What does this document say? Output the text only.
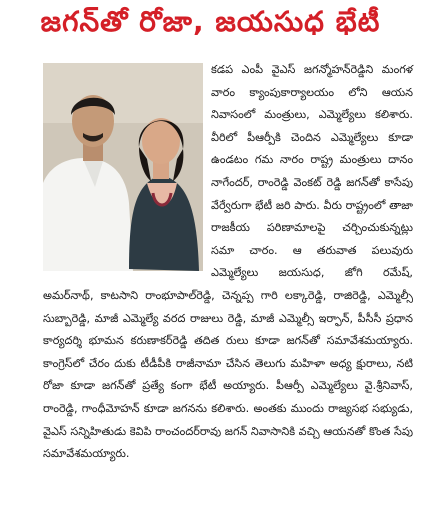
జగన్‌తో రోజా, జయసుధ భేటీ

కడప ఎంపీ వైఎస్ జగన్మోహన్‌రెడ్డిని మంగళ వారం క్యాంపుకార్యాలయం లోని ఆయన నివాసంలో మంత్రులు, ఎమ్మెల్యేలు కలిశారు. వీరిలో పీఆర్పీకి చెందిన ఎమ్మెల్యేలు కూడా ఉండటం గమ నారం రాష్ట్ర మంత్రులు దానం నాగేందర్, రాంరెడ్డి వెంకట్ రెడ్డి జగన్‌తో కాసేపు వేర్వేరుగా భేటీ జరి పారు. వీరు రాష్ట్రంలో తాజా రాజకీయ పరిణామాలపై చర్చించుకున్నట్లు సమా చారం. ఆ తరువాత పలువురు ఎమ్మెల్యేలు జయసుధ, జోగి రమేష్, అమర్‌నాథ్, కాటసాని రాంభూపాల్‌రెడ్డి, చెన్నప్ప గారి లక్కారెడ్డి, రాజిరెడ్డి, ఎమ్మెల్సీ సుబ్బారెడ్డి, మాజీ ఎమ్మెల్యే వరద రాజులు రెడ్డి, మాజీ ఎమ్మెల్సీ ఇర్ఫాన్, పీసీసీ ప్రధాన కార్యదర్శి భూమన కరుణాకర్‌రెడ్డి తదిత రులు కూడా జగన్‌తో సమావేశమయ్యారు. కాంగ్రెస్‌లో చేరం దుకు టీడీపీకి రాజీనామా చేసిన తెలుగు మహిళా అధ్య క్షురాలు, నటి రోజా కూడా జగన్‌తో ప్రత్యే కంగా భేటీ అయ్యారు. పీఆర్పీ ఎమ్మెల్యేలు వై.శ్రీనివాస్, రాంరెడ్డి, గాంధీమోహన్ కూడా జగనను కలిశారు. అంతకు ముందు రాజ్యసభ సభ్యుడు, వైఎస్ సన్నిహితుడు కెవిపి రాంచందర్‌రావు జగన్ నివాసానికి వచ్చి ఆయనతో కొంత సేపు సమావేశమయ్యారు.
